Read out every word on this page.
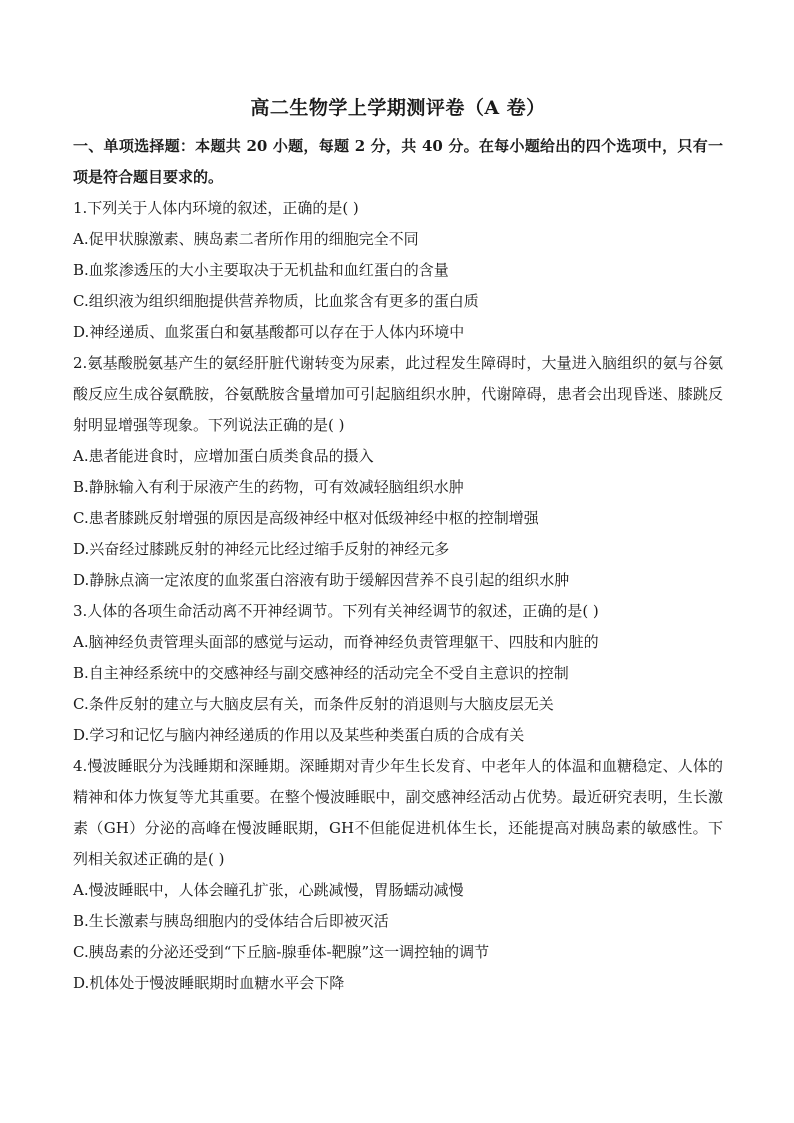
高二生物学上学期测评卷（A 卷）

一、单项选择题：本题共 20 小题，每题 2 分，共 40 分。在每小题给出的四个选项中，只有一项是符合题目要求的。

1.下列关于人体内环境的叙述，正确的是( )

A.促甲状腺激素、胰岛素二者所作用的细胞完全不同

B.血浆渗透压的大小主要取决于无机盐和血红蛋白的含量

C.组织液为组织细胞提供营养物质，比血浆含有更多的蛋白质

D.神经递质、血浆蛋白和氨基酸都可以存在于人体内环境中

2.氨基酸脱氨基产生的氨经肝脏代谢转变为尿素，此过程发生障碍时，大量进入脑组织的氨与谷氨酸反应生成谷氨酰胺，谷氨酰胺含量增加可引起脑组织水肿，代谢障碍，患者会出现昏迷、膝跳反射明显增强等现象。下列说法正确的是( )

A.患者能进食时，应增加蛋白质类食品的摄入

B.静脉输入有利于尿液产生的药物，可有效减轻脑组织水肿

C.患者膝跳反射增强的原因是高级神经中枢对低级神经中枢的控制增强

D.兴奋经过膝跳反射的神经元比经过缩手反射的神经元多

D.静脉点滴一定浓度的血浆蛋白溶液有助于缓解因营养不良引起的组织水肿

3.人体的各项生命活动离不开神经调节。下列有关神经调节的叙述，正确的是( )

A.脑神经负责管理头面部的感觉与运动，而脊神经负责管理躯干、四肢和内脏的

B.自主神经系统中的交感神经与副交感神经的活动完全不受自主意识的控制

C.条件反射的建立与大脑皮层有关，而条件反射的消退则与大脑皮层无关

D.学习和记忆与脑内神经递质的作用以及某些种类蛋白质的合成有关

4.慢波睡眠分为浅睡期和深睡期。深睡期对青少年生长发育、中老年人的体温和血糖稳定、人体的精神和体力恢复等尤其重要。在整个慢波睡眠中，副交感神经活动占优势。最近研究表明，生长激素（GH）分泌的高峰在慢波睡眠期，GH不但能促进机体生长，还能提高对胰岛素的敏感性。下列相关叙述正确的是( )

A.慢波睡眠中，人体会瞳孔扩张，心跳减慢，胃肠蠕动减慢

B.生长激素与胰岛细胞内的受体结合后即被灭活

C.胰岛素的分泌还受到“下丘脑-腺垂体-靶腺”这一调控轴的调节

D.机体处于慢波睡眠期时血糖水平会下降
